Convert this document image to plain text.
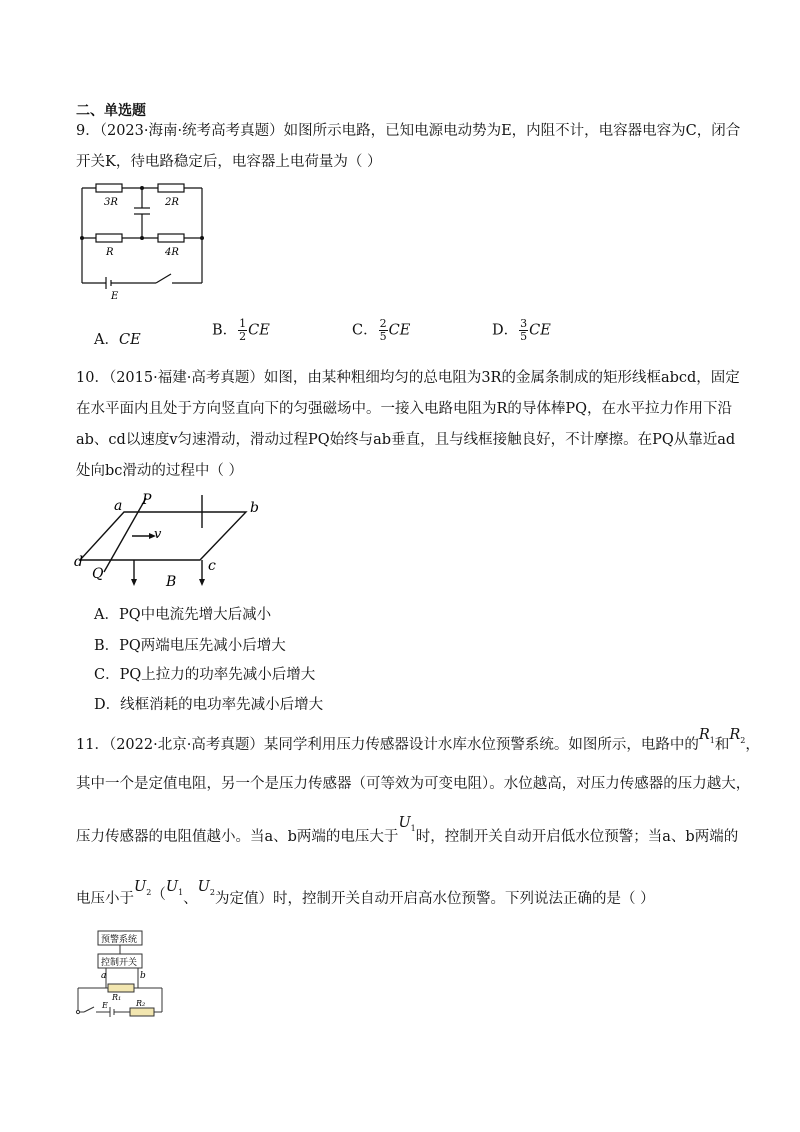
二、单选题
9．（2023·海南·统考高考真题）如图所示电路，已知电源电动势为E，内阻不计，电容器电容为C，闭合
开关K，待电路稳定后，电容器上电荷量为（ ）
3R	2R
R	4R
E
A．CE
B． $\frac{1}{2}$ CE	C． $\frac{2}{5}$ CE	D． $\frac{3}{5}$ CE
10．（2015·福建·高考真题）如图，由某种粗细均匀的总电阻为3R的金属条制成的矩形线框abcd，固定
在水平面内且处于方向竖直向下的匀强磁场中。一接入电路电阻为R的导体棒PQ，在水平拉力作用下沿
ab、cd以速度v匀速滑动，滑动过程PQ始终与ab垂直，且与线框接触良好，不计摩擦。在PQ从靠近ad
处向bc滑动的过程中（ ）
P
a	b
v
d
Q	c
B
A．PQ中电流先增大后减小
B．PQ两端电压先减小后增大
C．PQ上拉力的功率先减小后增大
D．线框消耗的电功率先减小后增大
11．（2022·北京·高考真题）某同学利用压力传感器设计水库水位预警系统。如图所示，电路中的$R_1$和$R_2$，
其中一个是定值电阻，另一个是压力传感器（可等效为可变电阻）。水位越高，对压力传感器的压力越大，
压力传感器的电阻值越小。当a、b两端的电压大于$U_1$时，控制开关自动开启低水位预警；当a、b两端的
电压小于$U_2(U_1$、$U_2$为定值）时，控制开关自动开启高水位预警。下列说法正确的是（ ）
预警系统
控制开关
a	b
R₁
R₂
E
